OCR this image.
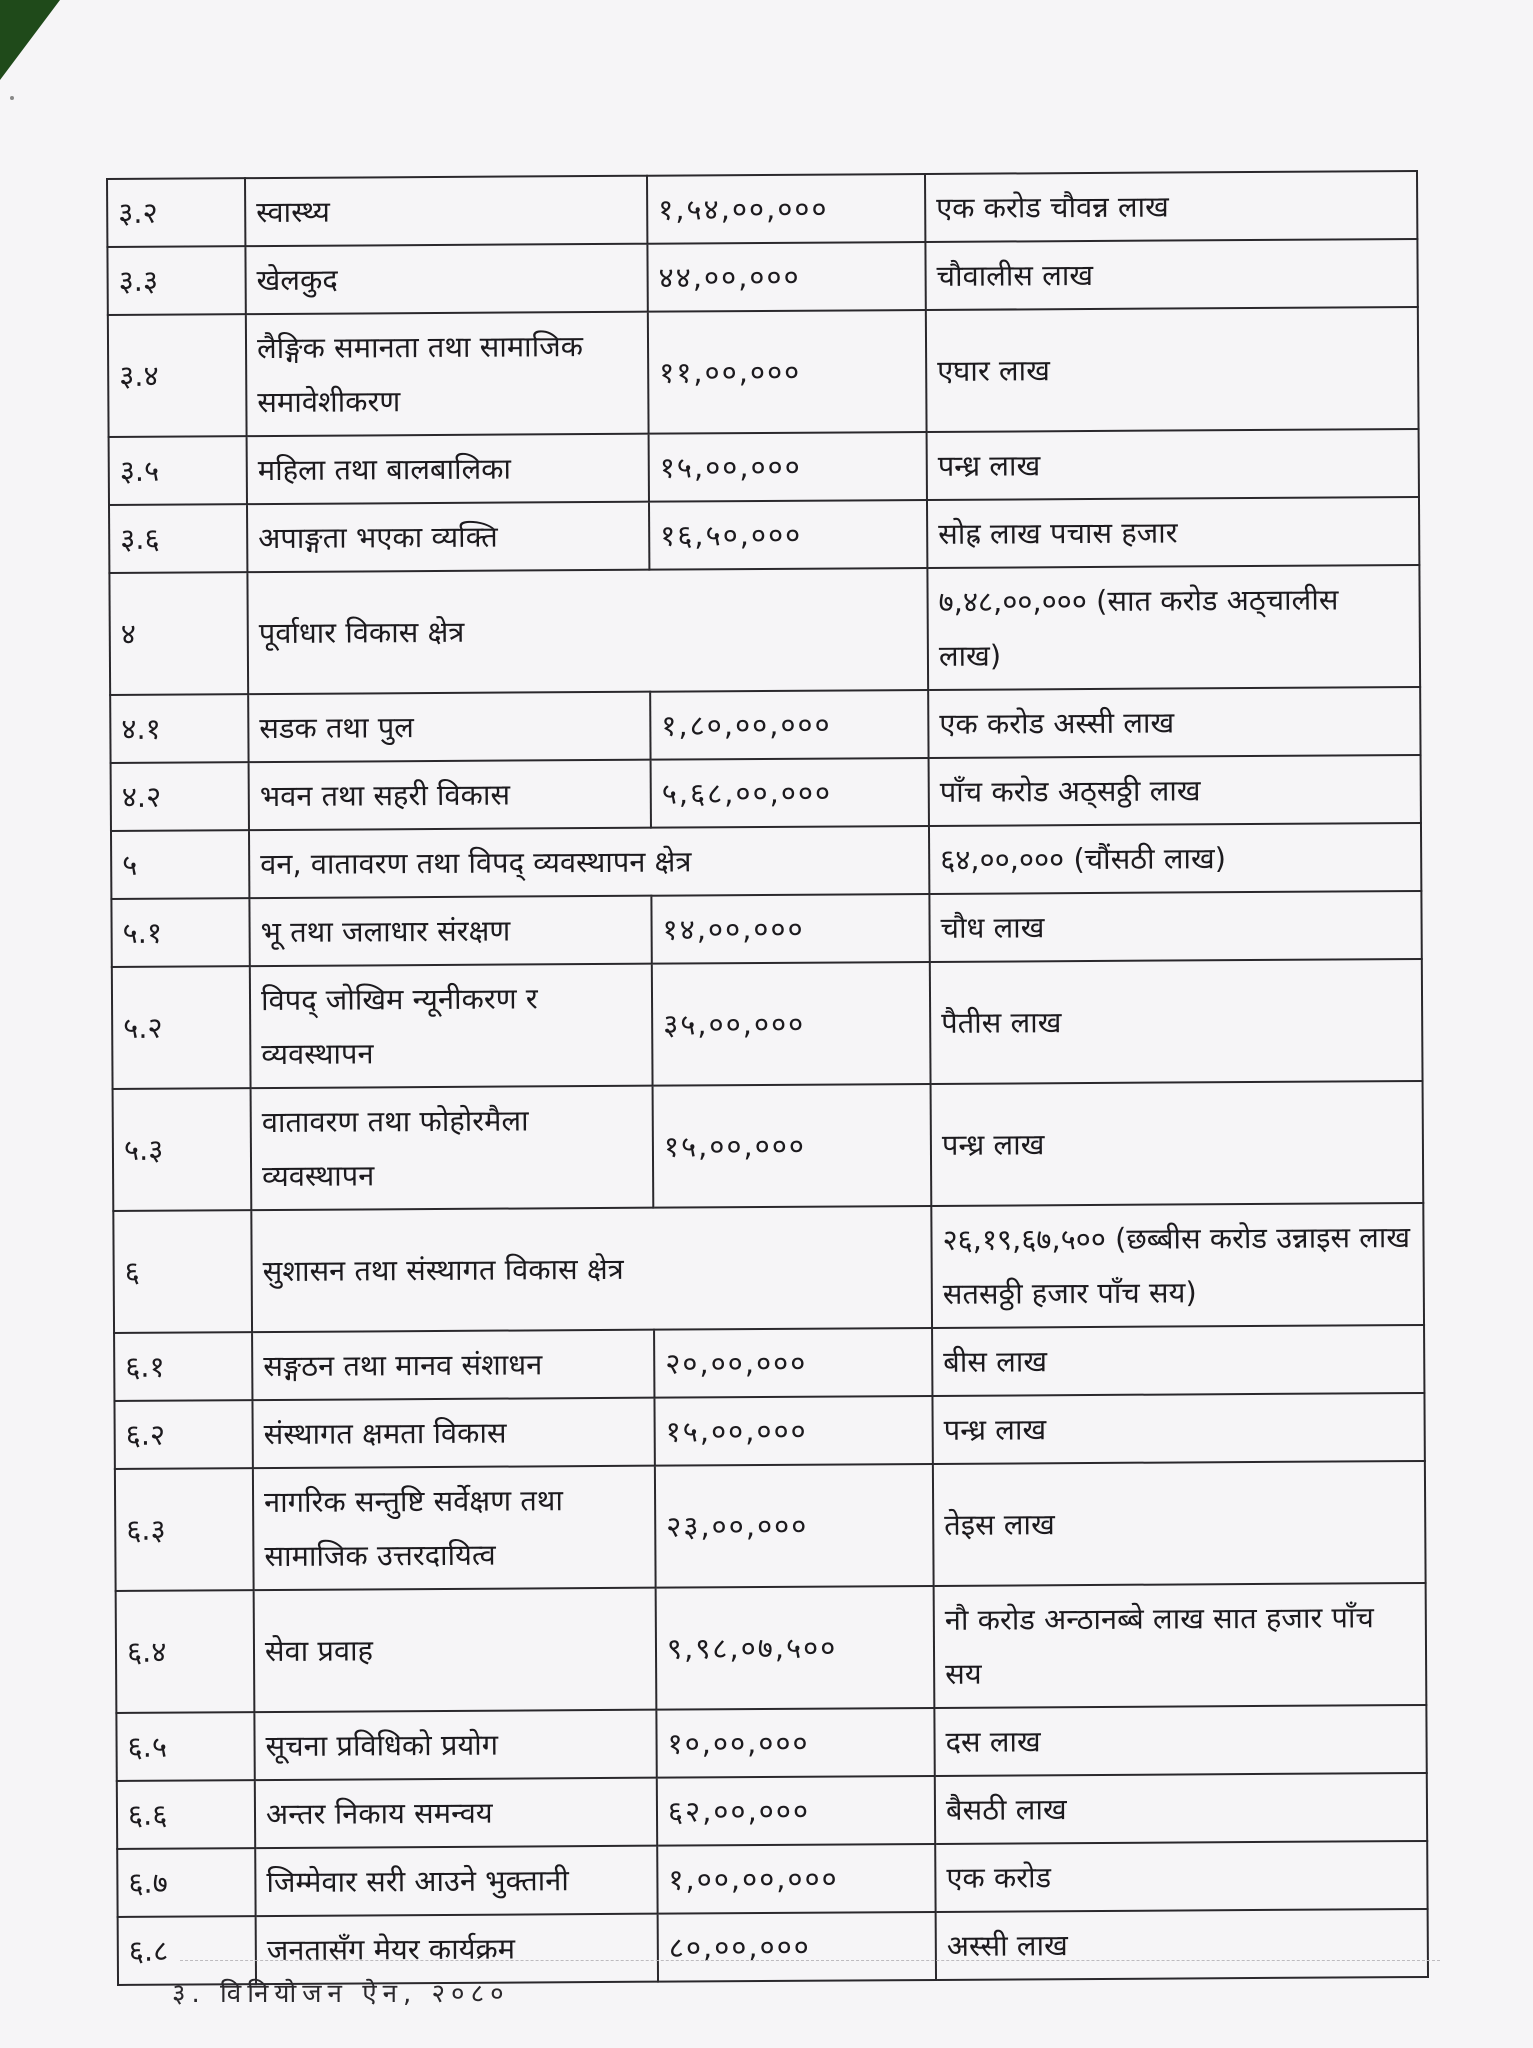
३.२	स्वास्थ्य	१,५४,००,०००	एक करोड चौवन्न लाख
३.३	खेलकुद	४४,००,०००	चौवालीस लाख
३.४	लैङ्गिक समानता तथा सामाजिक समावेशीकरण	११,००,०००	एघार लाख
३.५	महिला तथा बालबालिका	१५,००,०००	पन्ध्र लाख
३.६	अपाङ्गता भएका व्यक्ति	१६,५०,०००	सोह्र लाख पचास हजार
४	पूर्वाधार विकास क्षेत्र		७,४८,००,००० (सात करोड अठ्चालीस लाख)
४.१	सडक तथा पुल	१,८०,००,०००	एक करोड अस्सी लाख
४.२	भवन तथा सहरी विकास	५,६८,००,०००	पाँच करोड अठ्सठ्ठी लाख
५	वन, वातावरण तथा विपद् व्यवस्थापन क्षेत्र		६४,००,००० (चौंसठी लाख)
५.१	भू तथा जलाधार संरक्षण	१४,००,०००	चौध लाख
५.२	विपद् जोखिम न्यूनीकरण र व्यवस्थापन	३५,००,०००	पैतीस लाख
५.३	वातावरण तथा फोहोरमैला व्यवस्थापन	१५,००,०००	पन्ध्र लाख
६	सुशासन तथा संस्थागत विकास क्षेत्र		२६,१९,६७,५०० (छब्बीस करोड उन्नाइस लाख सतसठ्ठी हजार पाँच सय)
६.१	सङ्गठन तथा मानव संशाधन	२०,००,०००	बीस लाख
६.२	संस्थागत क्षमता विकास	१५,००,०००	पन्ध्र लाख
६.३	नागरिक सन्तुष्टि सर्वेक्षण तथा सामाजिक उत्तरदायित्व	२३,००,०००	तेइस लाख
६.४	सेवा प्रवाह	९,९८,०७,५००	नौ करोड अन्ठानब्बे लाख सात हजार पाँच सय
६.५	सूचना प्रविधिको प्रयोग	१०,००,०००	दस लाख
६.६	अन्तर निकाय समन्वय	६२,००,०००	बैसठी लाख
६.७	जिम्मेवार सरी आउने भुक्तानी	१,००,००,०००	एक करोड
६.८	जनतासँग मेयर कार्यक्रम	८०,००,०००	अस्सी लाख
३. विनियोजन ऐन, २०८०
